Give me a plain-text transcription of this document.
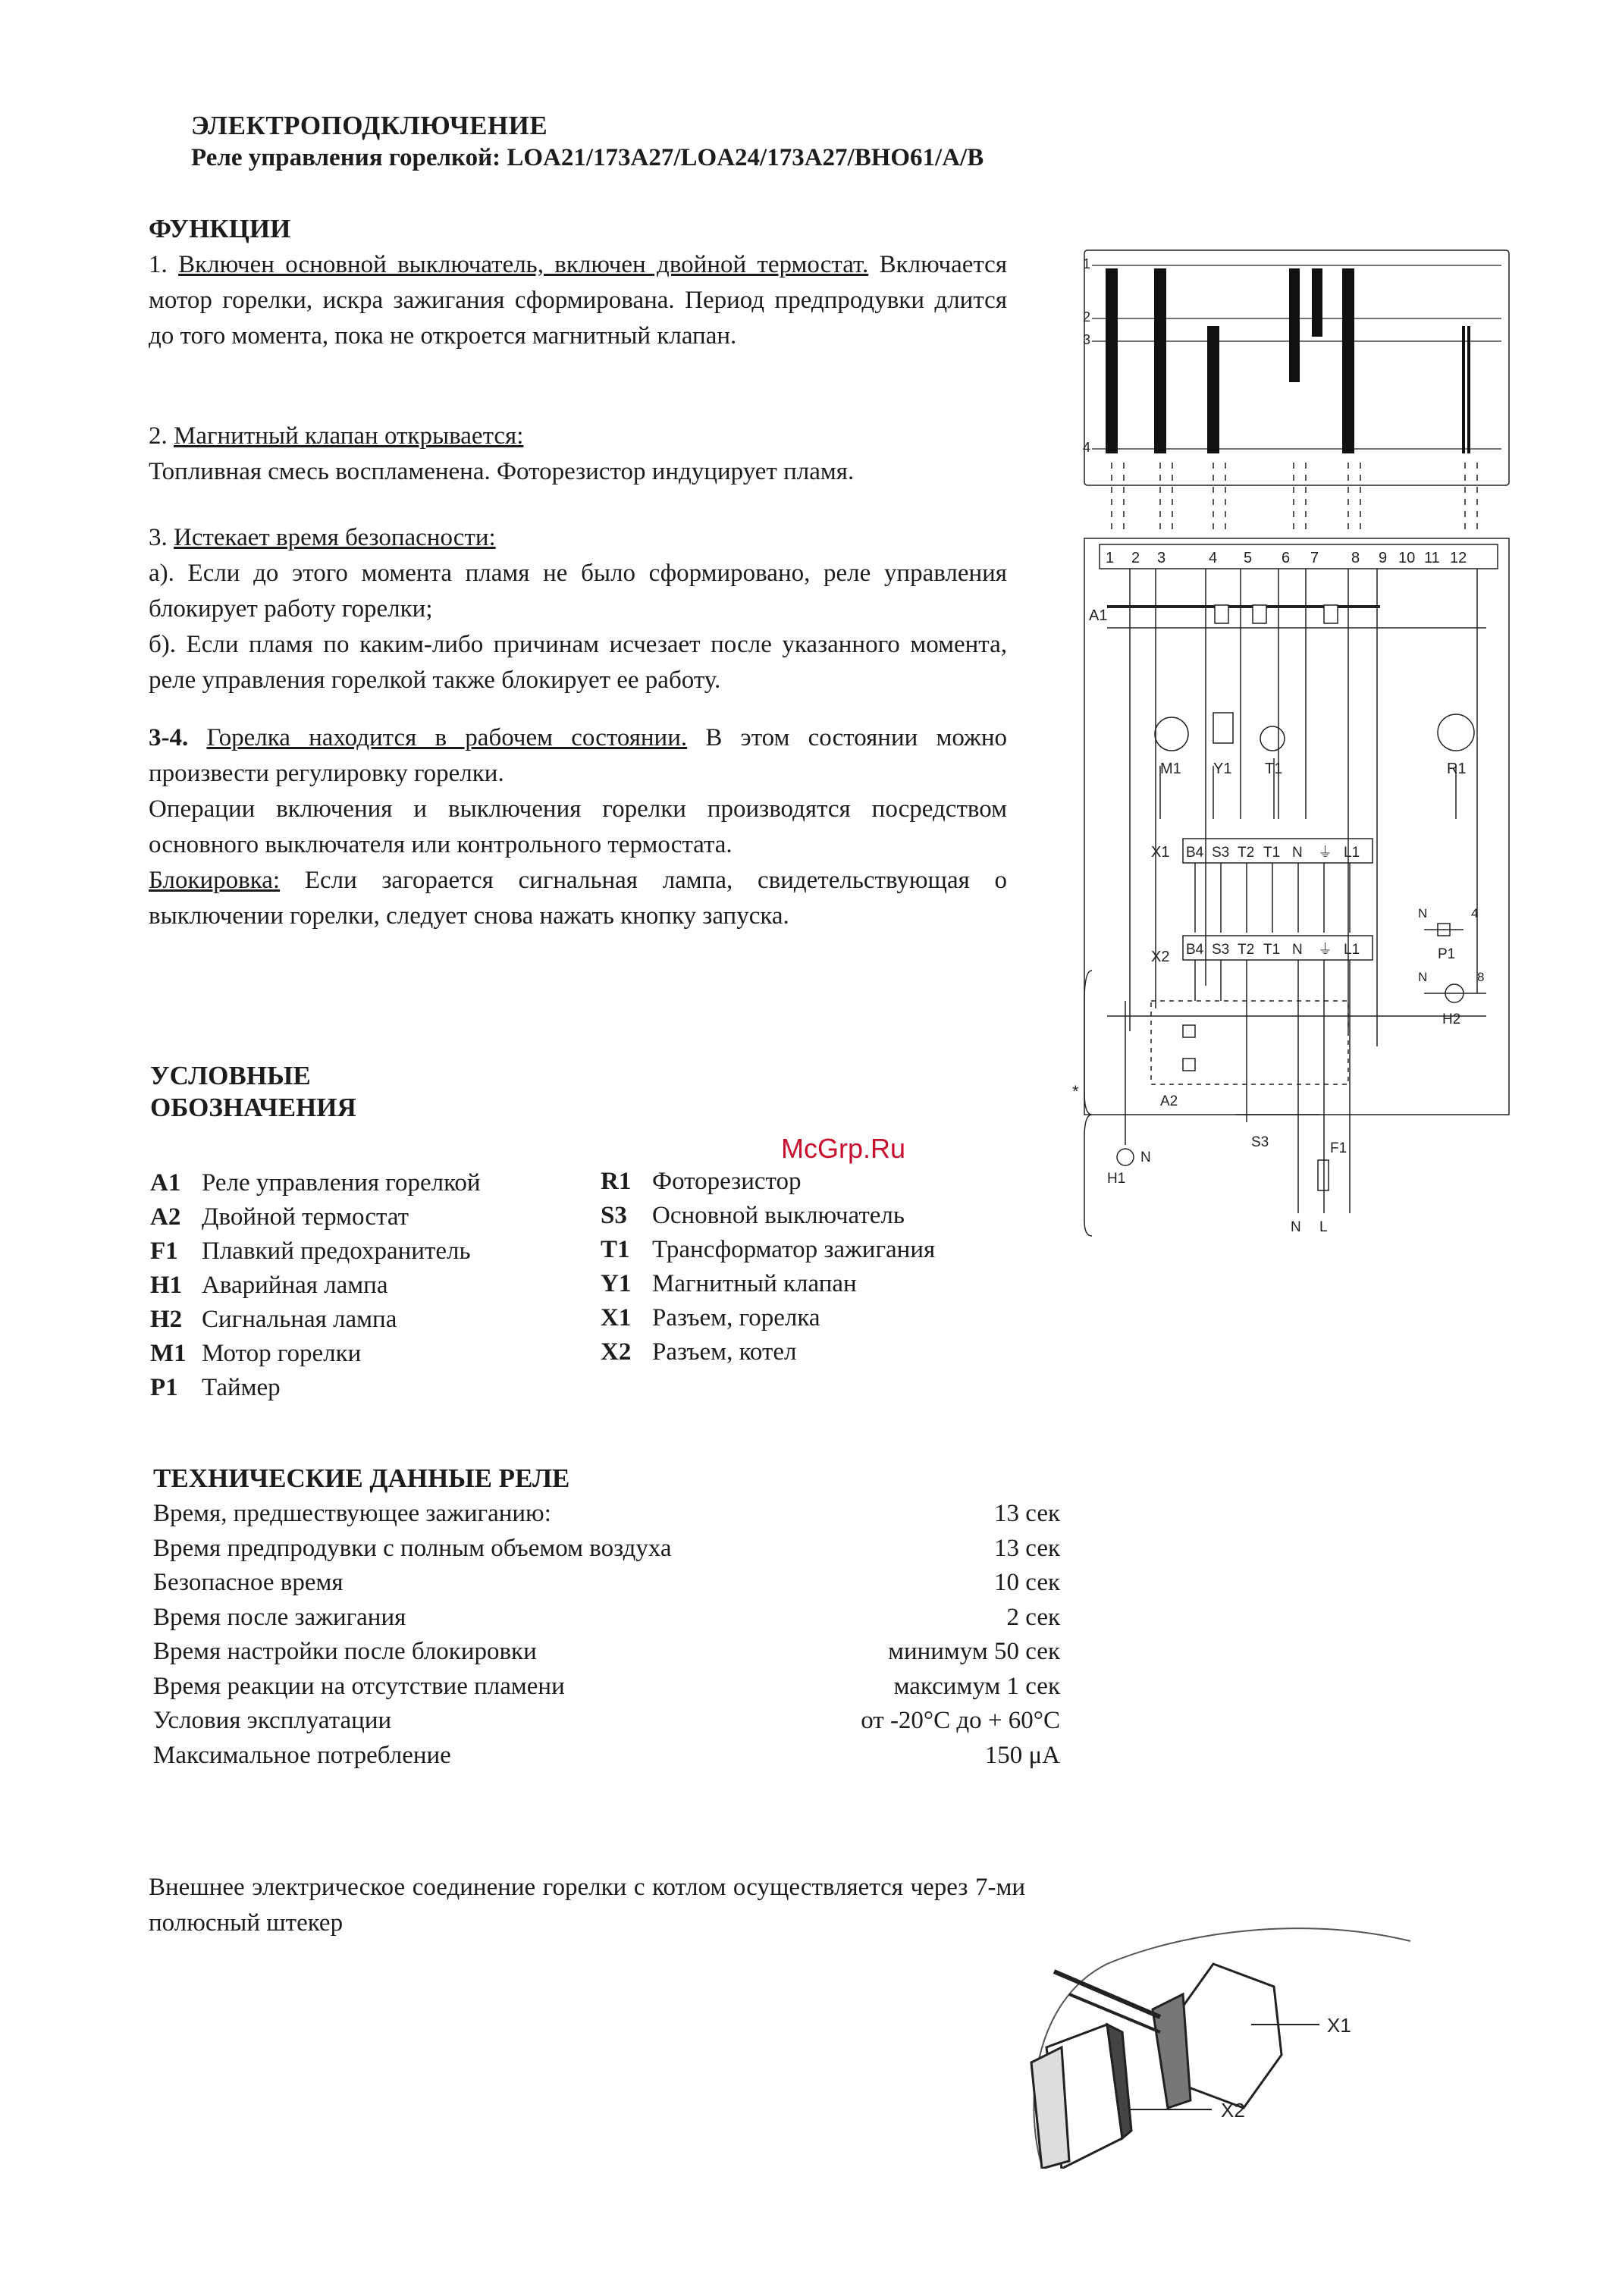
ЭЛЕКТРОПОДКЛЮЧЕНИЕ
Реле управления горелкой: LOA21/173A27/LOA24/173A27/BHO61/A/B
ФУНКЦИИ

1. Включен основной выключатель, включен двойной термостат. Включается мотор горелки, искра зажигания сформирована. Период предпродувки длится до того момента, пока не откроется магнитный клапан.

2. Магнитный клапан открывается:
Топливная смесь воспламенена. Фоторезистор индуцирует пламя.

3. Истекает время безопасности:
а). Если до этого момента пламя не было сформировано, реле управления блокирует работу горелки;
б). Если пламя по каким-либо причинам исчезает после указанного момента, реле управления горелкой также блокирует ее работу.

3-4. Горелка находится в рабочем состоянии. В этом состоянии можно произвести регулировку горелки.
Операции включения и выключения горелки производятся посредством основного выключателя или контрольного термостата.
Блокировка: Если загорается сигнальная лампа, свидетельствующая о выключении горелки, следует снова нажать кнопку запуска.

УСЛОВНЫЕ
ОБОЗНАЧЕНИЯ
McGrp.Ru
A1 Реле управления горелкой
A2 Двойной термостат
F1 Плавкий предохранитель
H1 Аварийная лампа
H2 Сигнальная лампа
M1 Мотор горелки
P1 Таймер
R1 Фоторезистор
S3 Основной выключатель
T1 Трансформатор зажигания
Y1 Магнитный клапан
X1 Разъем, горелка
X2 Разъем, котел
ТЕХНИЧЕСКИЕ ДАННЫЕ РЕЛЕ
Время, предшествующее зажиганию:	13 сек
Время предпродувки с полным объемом воздуха	13 сек
Безопасное время	10 сек
Время после зажигания	2 сек
Время настройки после блокировки	минимум 50 сек
Время реакции на отсутствие пламени	максимум 1 сек
Условия эксплуатации	от -20°C до + 60°C
Максимальное потребление	150 μA
Внешнее электрическое соединение горелки с котлом осуществляется через 7-ми полюсный штекер
1
2
3
4
A1
1 2 3	4 5 6 7 8 9 10 11 12
M1 Y1 T1	R1
X1 B4 S3 T2 T1 N ⏚ L1
X2 B4 S3 T2 T1 N ⏚ L1
N	4
P1
N	8
H2
A2
*
H1
N
S3	F1
N L
X1
X2
